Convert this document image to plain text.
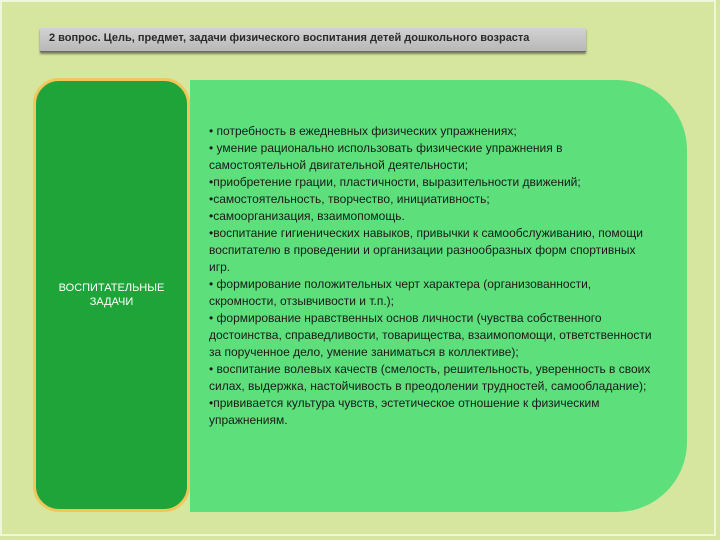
2 вопрос. Цель, предмет, задачи физического воспитания детей дошкольного возраста
ВОСПИТАТЕЛЬНЫЕ ЗАДАЧИ
• потребность в ежедневных физических упражнениях;
• умение рационально использовать физические упражнения в самостоятельной двигательной деятельности;
•приобретение грации, пластичности, выразительности движений;
•самостоятельность, творчество, инициативность;
•самоорганизация, взаимопомощь.
•воспитание гигиенических навыков, привычки к самообслуживанию, помощи воспитателю в проведении и организации разнообразных форм спортивных игр.
• формирование положительных черт характера (организованности, скромности, отзывчивости и т.п.);
• формирование нравственных основ личности (чувства собственного достоинства, справедливости, товарищества, взаимопомощи, ответственности за порученное дело, умение заниматься в коллективе);
• воспитание волевых качеств (смелость, решительность, уверенность в своих силах, выдержка, настойчивость в преодолении трудностей, самообладание);
•прививается культура чувств, эстетическое отношение к физическим упражнениям.
